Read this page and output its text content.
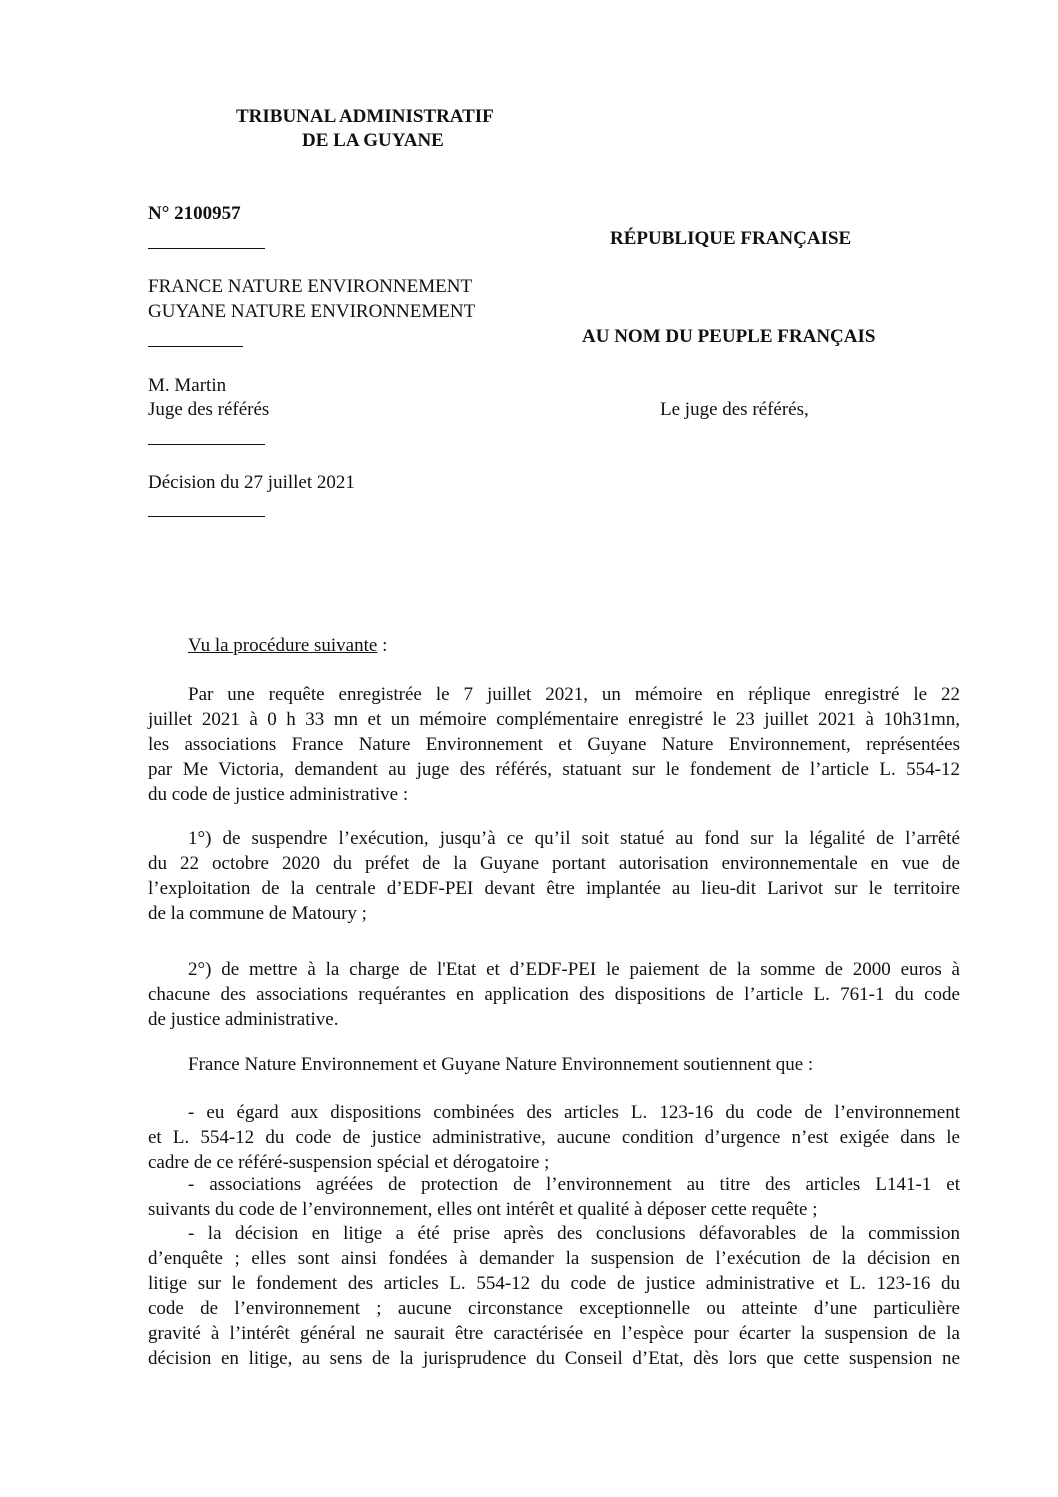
TRIBUNAL ADMINISTRATIF
DE LA GUYANE
N° 2100957
RÉPUBLIQUE FRANÇAISE
FRANCE NATURE ENVIRONNEMENT
GUYANE NATURE ENVIRONNEMENT
AU NOM DU PEUPLE FRANÇAIS
M. Martin
Juge des référés	Le juge des référés,
Décision du 27 juillet 2021
Vu la procédure suivante :

Par une requête enregistrée le 7 juillet 2021, un mémoire en réplique enregistré le 22

juillet 2021 à 0 h 33 mn et un mémoire complémentaire enregistré le 23 juillet 2021 à 10h31mn,

les associations France Nature Environnement et Guyane Nature Environnement, représentées

par Me Victoria, demandent au juge des référés, statuant sur le fondement de l’article L. 554-12

du code de justice administrative :

1°) de suspendre l’exécution, jusqu’à ce qu’il soit statué au fond sur la légalité de l’arrêté

du 22 octobre 2020 du préfet de la Guyane portant autorisation environnementale en vue de

l’exploitation de la centrale d’EDF-PEI devant être implantée au lieu-dit Larivot sur le territoire

de la commune de Matoury ;

2°) de mettre à la charge de l'Etat et d’EDF-PEI le paiement de la somme de 2000 euros à

chacune des associations requérantes en application des dispositions de l’article L. 761-1 du code

de justice administrative.

France Nature Environnement et Guyane Nature Environnement soutiennent que :

- eu égard aux dispositions combinées des articles L. 123-16 du code de l’environnement

et L. 554-12 du code de justice administrative, aucune condition d’urgence n’est exigée dans le

cadre de ce référé-suspension spécial et dérogatoire ;

- associations agréées de protection de l’environnement au titre des articles L141-1 et

suivants du code de l’environnement, elles ont intérêt et qualité à déposer cette requête ;

- la décision en litige a été prise après des conclusions défavorables de la commission

d’enquête ; elles sont ainsi fondées à demander la suspension de l’exécution de la décision en

litige sur le fondement des articles L. 554-12 du code de justice administrative et L. 123-16 du

code de l’environnement ; aucune circonstance exceptionnelle ou atteinte d’une particulière

gravité à l’intérêt général ne saurait être caractérisée en l’espèce pour écarter la suspension de la

décision en litige, au sens de la jurisprudence du Conseil d’Etat, dès lors que cette suspension ne
